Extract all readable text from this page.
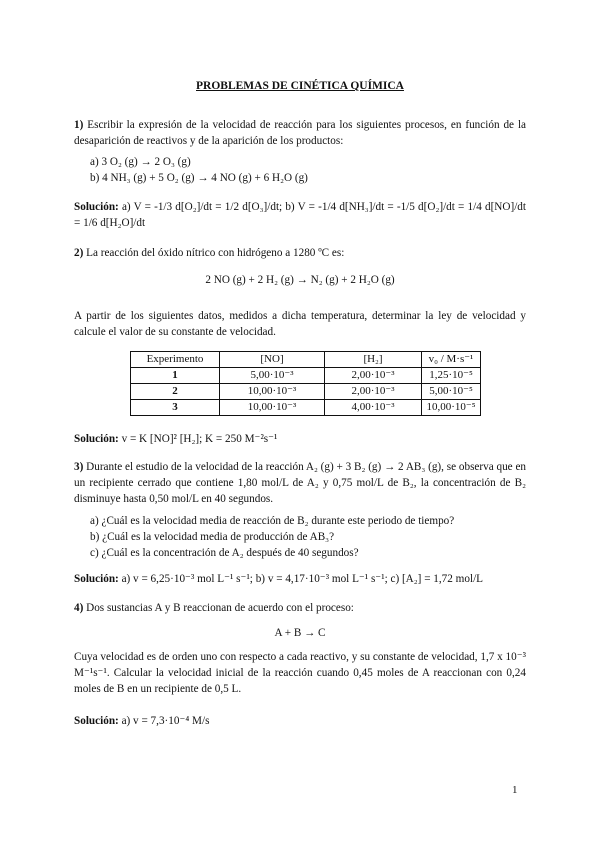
PROBLEMAS DE CINÉTICA QUÍMICA
1) Escribir la expresión de la velocidad de reacción para los siguientes procesos, en función de la desaparición de reactivos y de la aparición de los productos:
a) 3 O₂ (g) → 2 O₃ (g)
b) 4 NH₃ (g) + 5 O₂ (g) → 4 NO (g) + 6 H₂O (g)
Solución: a) V = -1/3 d[O₂]/dt = 1/2 d[O₃]/dt; b) V = -1/4 d[NH₃]/dt = -1/5 d[O₂]/dt = 1/4 d[NO]/dt = 1/6 d[H₂O]/dt
2) La reacción del óxido nítrico con hidrógeno a 1280 ºC es:
2 NO (g) + 2 H₂ (g) → N₂ (g) + 2 H₂O (g)
A partir de los siguientes datos, medidos a dicha temperatura, determinar la ley de velocidad y calcule el valor de su constante de velocidad.
Experimento	[NO]	[H₂]	v₀ / M·s⁻¹
1	5,00·10⁻³	2,00·10⁻³	1,25·10⁻⁵
2	10,00·10⁻³	2,00·10⁻³	5,00·10⁻⁵
3	10,00·10⁻³	4,00·10⁻³	10,00·10⁻⁵
Solución: v = K [NO]² [H₂]; K = 250 M⁻²s⁻¹
3) Durante el estudio de la velocidad de la reacción A₂ (g) + 3 B₂ (g) → 2 AB₃ (g), se observa que en un recipiente cerrado que contiene 1,80 mol/L de A₂ y 0,75 mol/L de B₂, la concentración de B₂ disminuye hasta 0,50 mol/L en 40 segundos.
a) ¿Cuál es la velocidad media de reacción de B₂ durante este periodo de tiempo?
b) ¿Cuál es la velocidad media de producción de AB₃?
c) ¿Cuál es la concentración de A₂ después de 40 segundos?
Solución: a) v = 6,25·10⁻³ mol L⁻¹ s⁻¹; b) v = 4,17·10⁻³ mol L⁻¹ s⁻¹; c) [A₂] = 1,72 mol/L
4) Dos sustancias A y B reaccionan de acuerdo con el proceso:
A + B → C
Cuya velocidad es de orden uno con respecto a cada reactivo, y su constante de velocidad, 1,7 x 10⁻³ M⁻¹s⁻¹. Calcular la velocidad inicial de la reacción cuando 0,45 moles de A reaccionan con 0,24 moles de B en un recipiente de 0,5 L.
Solución: a) v = 7,3·10⁻⁴ M/s
1
